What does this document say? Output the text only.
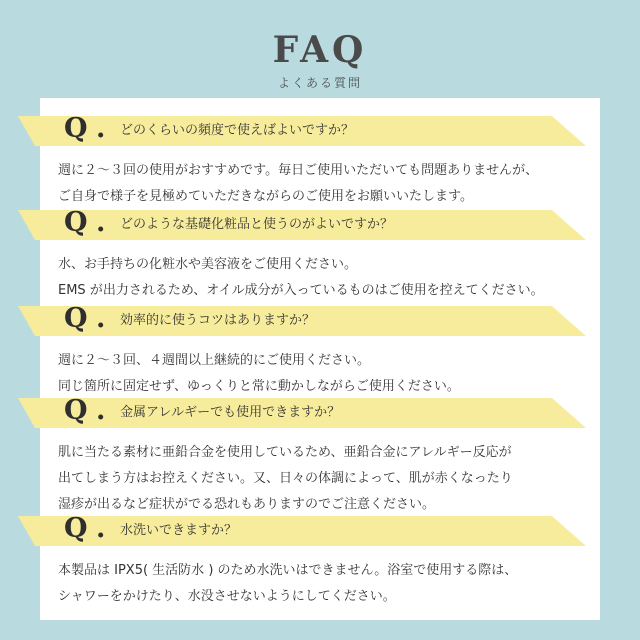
FAQ
よくある質問
Q . どのくらいの頻度で使えばよいですか？
週に２〜３回の使用がおすすめです。毎日ご使用いただいても問題ありませんが、
ご自身で様子を見極めていただきながらのご使用をお願いいたします。
Q . どのような基礎化粧品と使うのがよいですか？
水、お手持ちの化粧水や美容液をご使用ください。
EMS が出力されるため、オイル成分が入っているものはご使用を控えてください。
Q . 効率的に使うコツはありますか？
週に２〜３回、４週間以上継続的にご使用ください。
同じ箇所に固定せず、ゆっくりと常に動かしながらご使用ください。
Q . 金属アレルギーでも使用できますか？
肌に当たる素材に亜鉛合金を使用しているため、亜鉛合金にアレルギー反応が
出てしまう方はお控えください。又、日々の体調によって、肌が赤くなったり
湿疹が出るなど症状がでる恐れもありますのでご注意ください。
Q . 水洗いできますか？
本製品は IPX5( 生活防水 ) のため水洗いはできません。浴室で使用する際は、
シャワーをかけたり、水没させないようにしてください。
